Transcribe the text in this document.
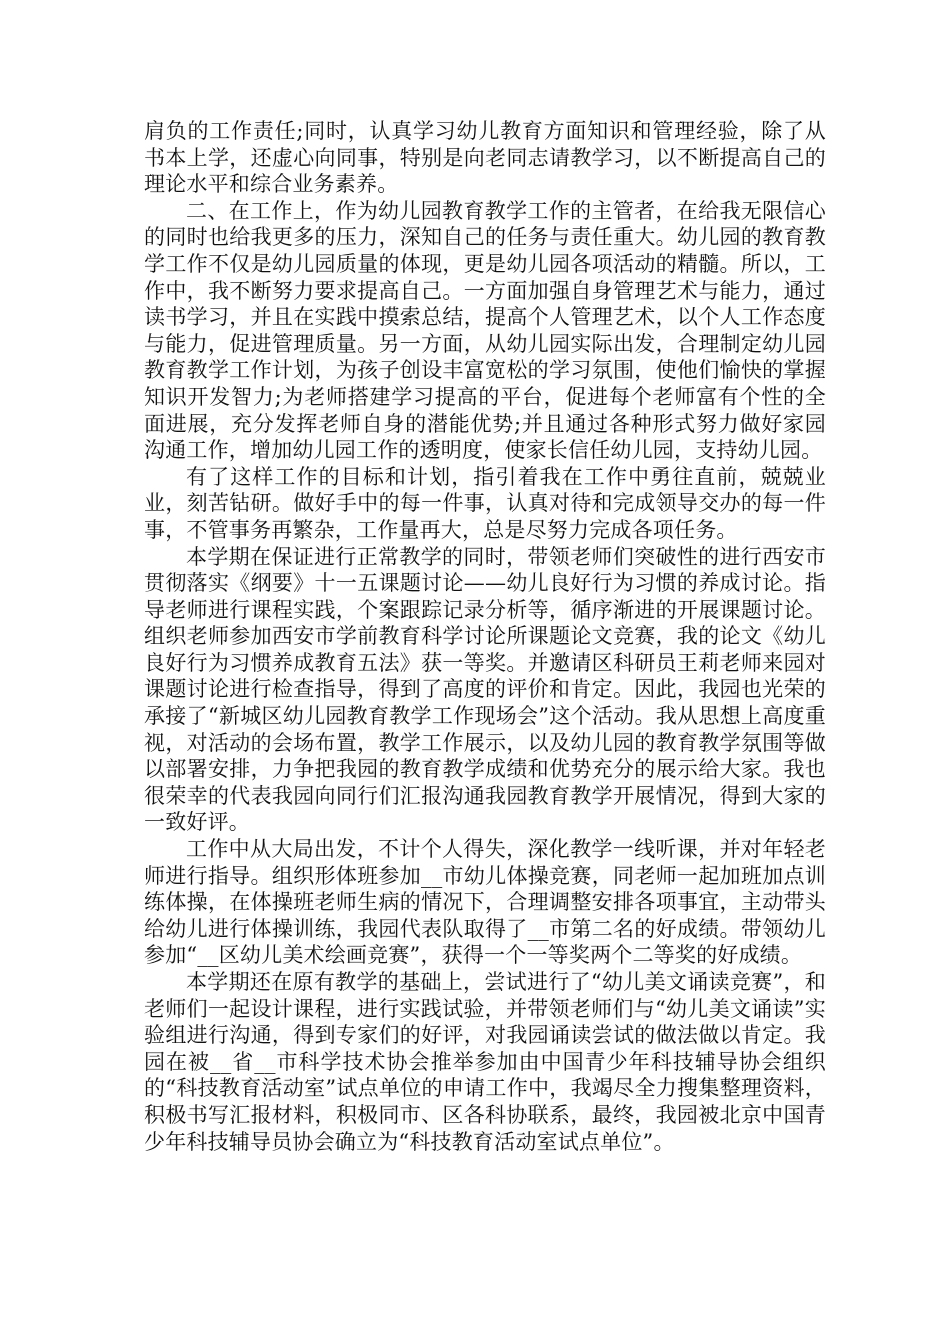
肩负的工作责任;同时，认真学习幼儿教育方面知识和管理经验，除了从书本上学，还虚心向同事，特别是向老同志请教学习，以不断提高自己的理论水平和综合业务素养。

二、在工作上，作为幼儿园教育教学工作的主管者，在给我无限信心的同时也给我更多的压力，深知自己的任务与责任重大。幼儿园的教育教学工作不仅是幼儿园质量的体现，更是幼儿园各项活动的精髓。所以，工作中，我不断努力要求提高自己。一方面加强自身管理艺术与能力，通过读书学习，并且在实践中摸索总结，提高个人管理艺术，以个人工作态度与能力，促进管理质量。另一方面，从幼儿园实际出发，合理制定幼儿园教育教学工作计划，为孩子创设丰富宽松的学习氛围，使他们愉快的掌握知识开发智力;为老师搭建学习提高的平台，促进每个老师富有个性的全面进展，充分发挥老师自身的潜能优势;并且通过各种形式努力做好家园沟通工作，增加幼儿园工作的透明度，使家长信任幼儿园，支持幼儿园。

有了这样工作的目标和计划，指引着我在工作中勇往直前，兢兢业业，刻苦钻研。做好手中的每一件事，认真对待和完成领导交办的每一件事，不管事务再繁杂，工作量再大，总是尽努力完成各项任务。

本学期在保证进行正常教学的同时，带领老师们突破性的进行西安市贯彻落实《纲要》十一五课题讨论——幼儿良好行为习惯的养成讨论。指导老师进行课程实践，个案跟踪记录分析等，循序渐进的开展课题讨论。组织老师参加西安市学前教育科学讨论所课题论文竞赛，我的论文《幼儿良好行为习惯养成教育五法》获一等奖。并邀请区科研员王莉老师来园对课题讨论进行检查指导，得到了高度的评价和肯定。因此，我园也光荣的承接了“新城区幼儿园教育教学工作现场会”这个活动。我从思想上高度重视，对活动的会场布置，教学工作展示，以及幼儿园的教育教学氛围等做以部署安排，力争把我园的教育教学成绩和优势充分的展示给大家。我也很荣幸的代表我园向同行们汇报沟通我园教育教学开展情况，得到大家的一致好评。

工作中从大局出发，不计个人得失，深化教学一线听课，并对年轻老师进行指导。组织形体班参加__市幼儿体操竞赛，同老师一起加班加点训练体操，在体操班老师生病的情况下，合理调整安排各项事宜，主动带头给幼儿进行体操训练，我园代表队取得了__市第二名的好成绩。带领幼儿参加“__区幼儿美术绘画竞赛”，获得一个一等奖两个二等奖的好成绩。

本学期还在原有教学的基础上，尝试进行了“幼儿美文诵读竞赛”，和老师们一起设计课程，进行实践试验，并带领老师们与“幼儿美文诵读”实验组进行沟通，得到专家们的好评，对我园诵读尝试的做法做以肯定。我园在被__省__市科学技术协会推举参加由中国青少年科技辅导协会组织的“科技教育活动室”试点单位的申请工作中，我竭尽全力搜集整理资料，积极书写汇报材料，积极同市、区各科协联系，最终，我园被北京中国青少年科技辅导员协会确立为“科技教育活动室试点单位”。
